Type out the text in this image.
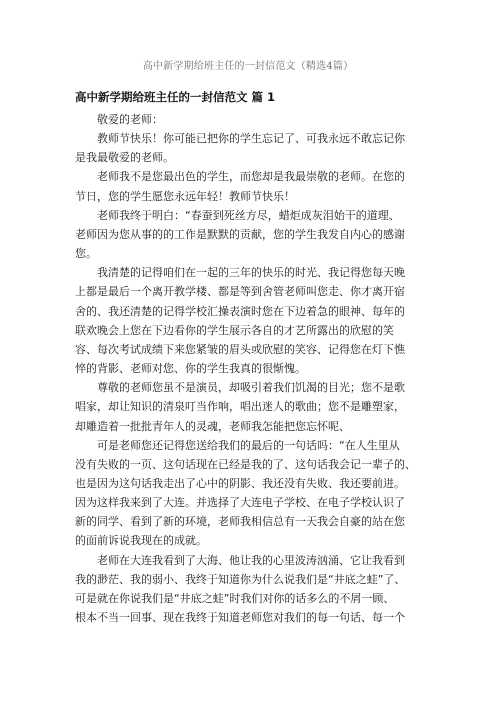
高中新学期给班主任的一封信范文（精选4篇）
高中新学期给班主任的一封信范文 篇 1

敬爱的老师：

教师节快乐！你可能已把你的学生忘记了、可我永远不敢忘记你
是我最敬爱的老师。

老师我不是您最出色的学生，而您却是我最崇敬的老师。在您的
节日，您的学生愿您永远年轻！教师节快乐！

老师我终于明白：“春蚕到死丝方尽，蜡炬成灰泪始干的道理、
老师因为您从事的的工作是默默的贡献，您的学生我发自内心的感谢
您。

我清楚的记得咱们在一起的三年的快乐的时光、我记得您每天晚
上都是最后一个离开教学楼、都是等到舍管老师叫您走、你才离开宿
舍的、我还清楚的记得学校汇操表演时您在下边着急的眼神、每年的
联欢晚会上您在下边看你的学生展示各自的才艺所露出的欣慰的笑
容、每次考试成绩下来您紧皱的眉头或欣慰的笑容、记得您在灯下憔
悴的背影、老师对您、你的学生我真的很惭愧。

尊敬的老师您虽不是演员，却吸引着我们饥渴的目光；您不是歌
唱家，却让知识的清泉叮当作响，唱出迷人的歌曲；您不是雕塑家，
却雕造着一批批青年人的灵魂，老师我怎能把您忘怀呢、

可是老师您还记得您送给我们的最后的一句话吗：“在人生里从
没有失败的一页、这句话现在已经是我的了、这句话我会记一辈子的、
也是因为这句话我走出了心中的阴影、我还没有失败、我还要前进。
因为这样我来到了大连。并选择了大连电子学校、在电子学校认识了
新的同学、看到了新的环境，老师我相信总有一天我会自豪的站在您
的面前诉说我现在的成就。

老师在大连我看到了大海、他让我的心里波涛汹涌、它让我看到
我的渺茫、我的弱小、我终于知道你为什么说我们是“井底之蛙”了、
可是就在你说我们是“井底之蛙”时我们对你的话多么的不屑一顾、
根本不当一回事、现在我终于知道老师您对我们的每一句话、每一个
